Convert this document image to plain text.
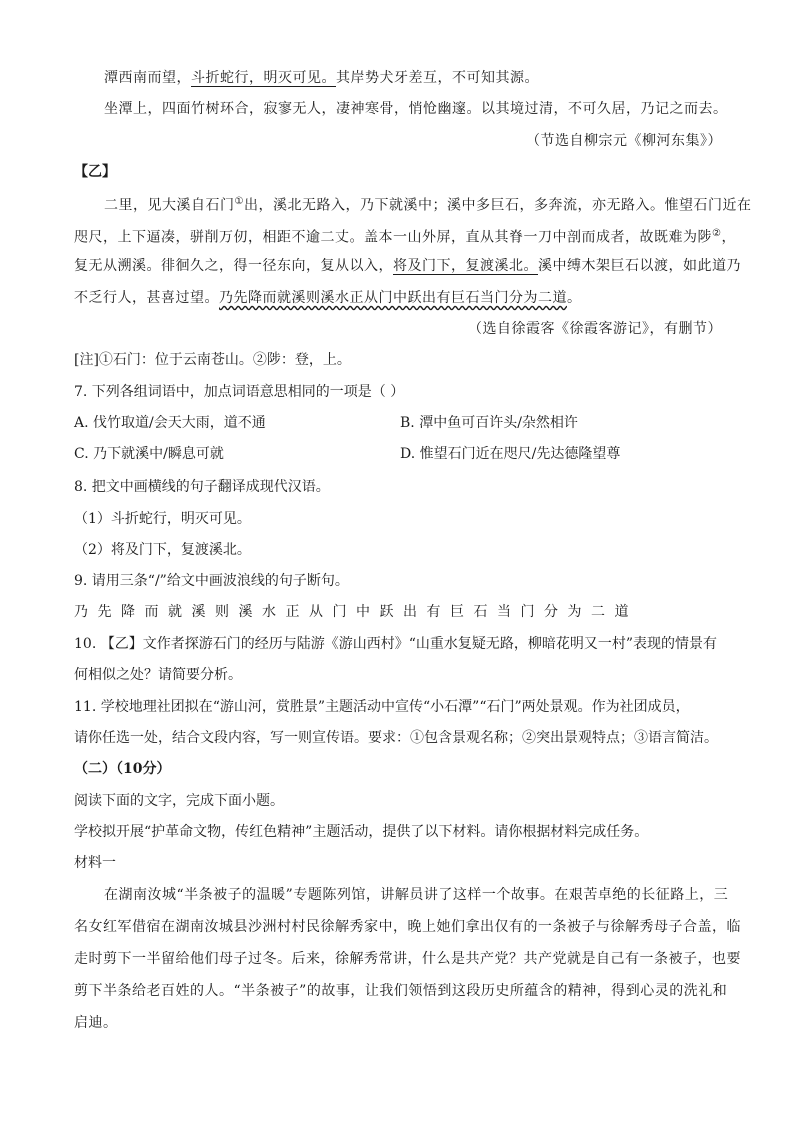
潭西南而望，斗折蛇行，明灭可见。其岸势犬牙差互，不可知其源。
坐潭上，四面竹树环合，寂寥无人，凄神寒骨，悄怆幽邃。以其境过清，不可久居，乃记之而去。
（节选自柳宗元《柳河东集》）
【乙】
二里，见大溪自石门①出，溪北无路入，乃下就溪中；溪中多巨石，多奔流，亦无路入。惟望石门近在
咫尺，上下逼凑，骈削万仞，相距不逾二丈。盖本一山外屏，直从其脊一刀中剖而成者，故既难为陟②，
复无从溯溪。徘徊久之，得一径东向，复从以入，将及门下，复渡溪北。溪中缚木架巨石以渡，如此道乃
不乏行人，甚喜过望。乃先降而就溪则溪水正从门中跃出有巨石当门分为二道。
（选自徐霞客《徐霞客游记》，有删节）
[注]①石门：位于云南苍山。②陟：登，上。
7. 下列各组词语中，加点词语意思相同的一项是（ ）
A. 伐竹取道/会天大雨，道不通	B. 潭中鱼可百许头/杂然相许
C. 乃下就溪中/瞬息可就	D. 惟望石门近在咫尺/先达德隆望尊
8. 把文中画横线的句子翻译成现代汉语。
（1）斗折蛇行，明灭可见。
（2）将及门下，复渡溪北。
9. 请用三条“/”给文中画波浪线的句子断句。
乃先降而就溪则溪水正从门中跃出有巨石当门分为二道
10. 【乙】文作者探游石门的经历与陆游《游山西村》“山重水复疑无路，柳暗花明又一村”表现的情景有
何相似之处？请简要分析。
11. 学校地理社团拟在“游山河，赏胜景”主题活动中宣传“小石潭”“石门”两处景观。作为社团成员，
请你任选一处，结合文段内容，写一则宣传语。要求：①包含景观名称；②突出景观特点；③语言简洁。
（二）（10分）
阅读下面的文字，完成下面小题。
学校拟开展“护革命文物，传红色精神”主题活动，提供了以下材料。请你根据材料完成任务。
材料一
在湖南汝城“半条被子的温暖”专题陈列馆，讲解员讲了这样一个故事。在艰苦卓绝的长征路上，三
名女红军借宿在湖南汝城县沙洲村村民徐解秀家中，晚上她们拿出仅有的一条被子与徐解秀母子合盖，临
走时剪下一半留给他们母子过冬。后来，徐解秀常讲，什么是共产党？共产党就是自己有一条被子，也要
剪下半条给老百姓的人。“半条被子”的故事，让我们领悟到这段历史所蕴含的精神，得到心灵的洗礼和
启迪。
